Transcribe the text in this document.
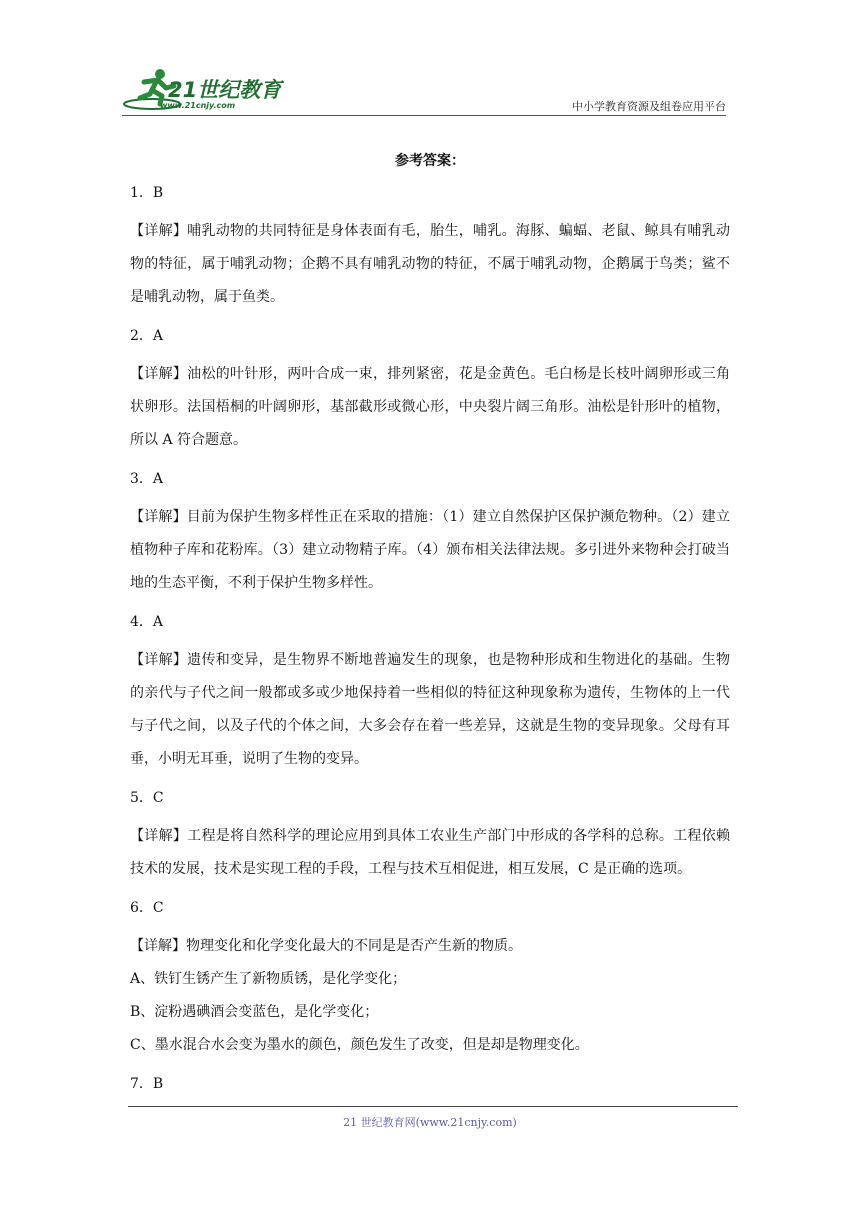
21世纪教育
www.21cnjy.com	中小学教育资源及组卷应用平台

参考答案：

1．B

【详解】哺乳动物的共同特征是身体表面有毛，胎生，哺乳。海豚、蝙蝠、老鼠、鲸具有哺乳动物的特征，属于哺乳动物；企鹅不具有哺乳动物的特征，不属于哺乳动物，企鹅属于鸟类；鲨不是哺乳动物，属于鱼类。

2．A

【详解】油松的叶针形，两叶合成一束，排列紧密，花是金黄色。毛白杨是长枝叶阔卵形或三角状卵形。法国梧桐的叶阔卵形，基部截形或微心形，中央裂片阔三角形。油松是针形叶的植物，所以 A 符合题意。

3．A

【详解】目前为保护生物多样性正在采取的措施：（1）建立自然保护区保护濒危物种。（2）建立植物种子库和花粉库。（3）建立动物精子库。（4）颁布相关法律法规。多引进外来物种会打破当地的生态平衡，不利于保护生物多样性。

4．A

【详解】遗传和变异，是生物界不断地普遍发生的现象，也是物种形成和生物进化的基础。生物的亲代与子代之间一般都或多或少地保持着一些相似的特征这种现象称为遗传，生物体的上一代与子代之间，以及子代的个体之间，大多会存在着一些差异，这就是生物的变异现象。父母有耳垂，小明无耳垂，说明了生物的变异。

5．C

【详解】工程是将自然科学的理论应用到具体工农业生产部门中形成的各学科的总称。工程依赖技术的发展，技术是实现工程的手段，工程与技术互相促进，相互发展，C 是正确的选项。

6．C

【详解】物理变化和化学变化最大的不同是是否产生新的物质。

A、铁钉生锈产生了新物质锈，是化学变化；

B、淀粉遇碘酒会变蓝色，是化学变化；

C、墨水混合水会变为墨水的颜色，颜色发生了改变，但是却是物理变化。

7．B

21 世纪教育网(www.21cnjy.com)
